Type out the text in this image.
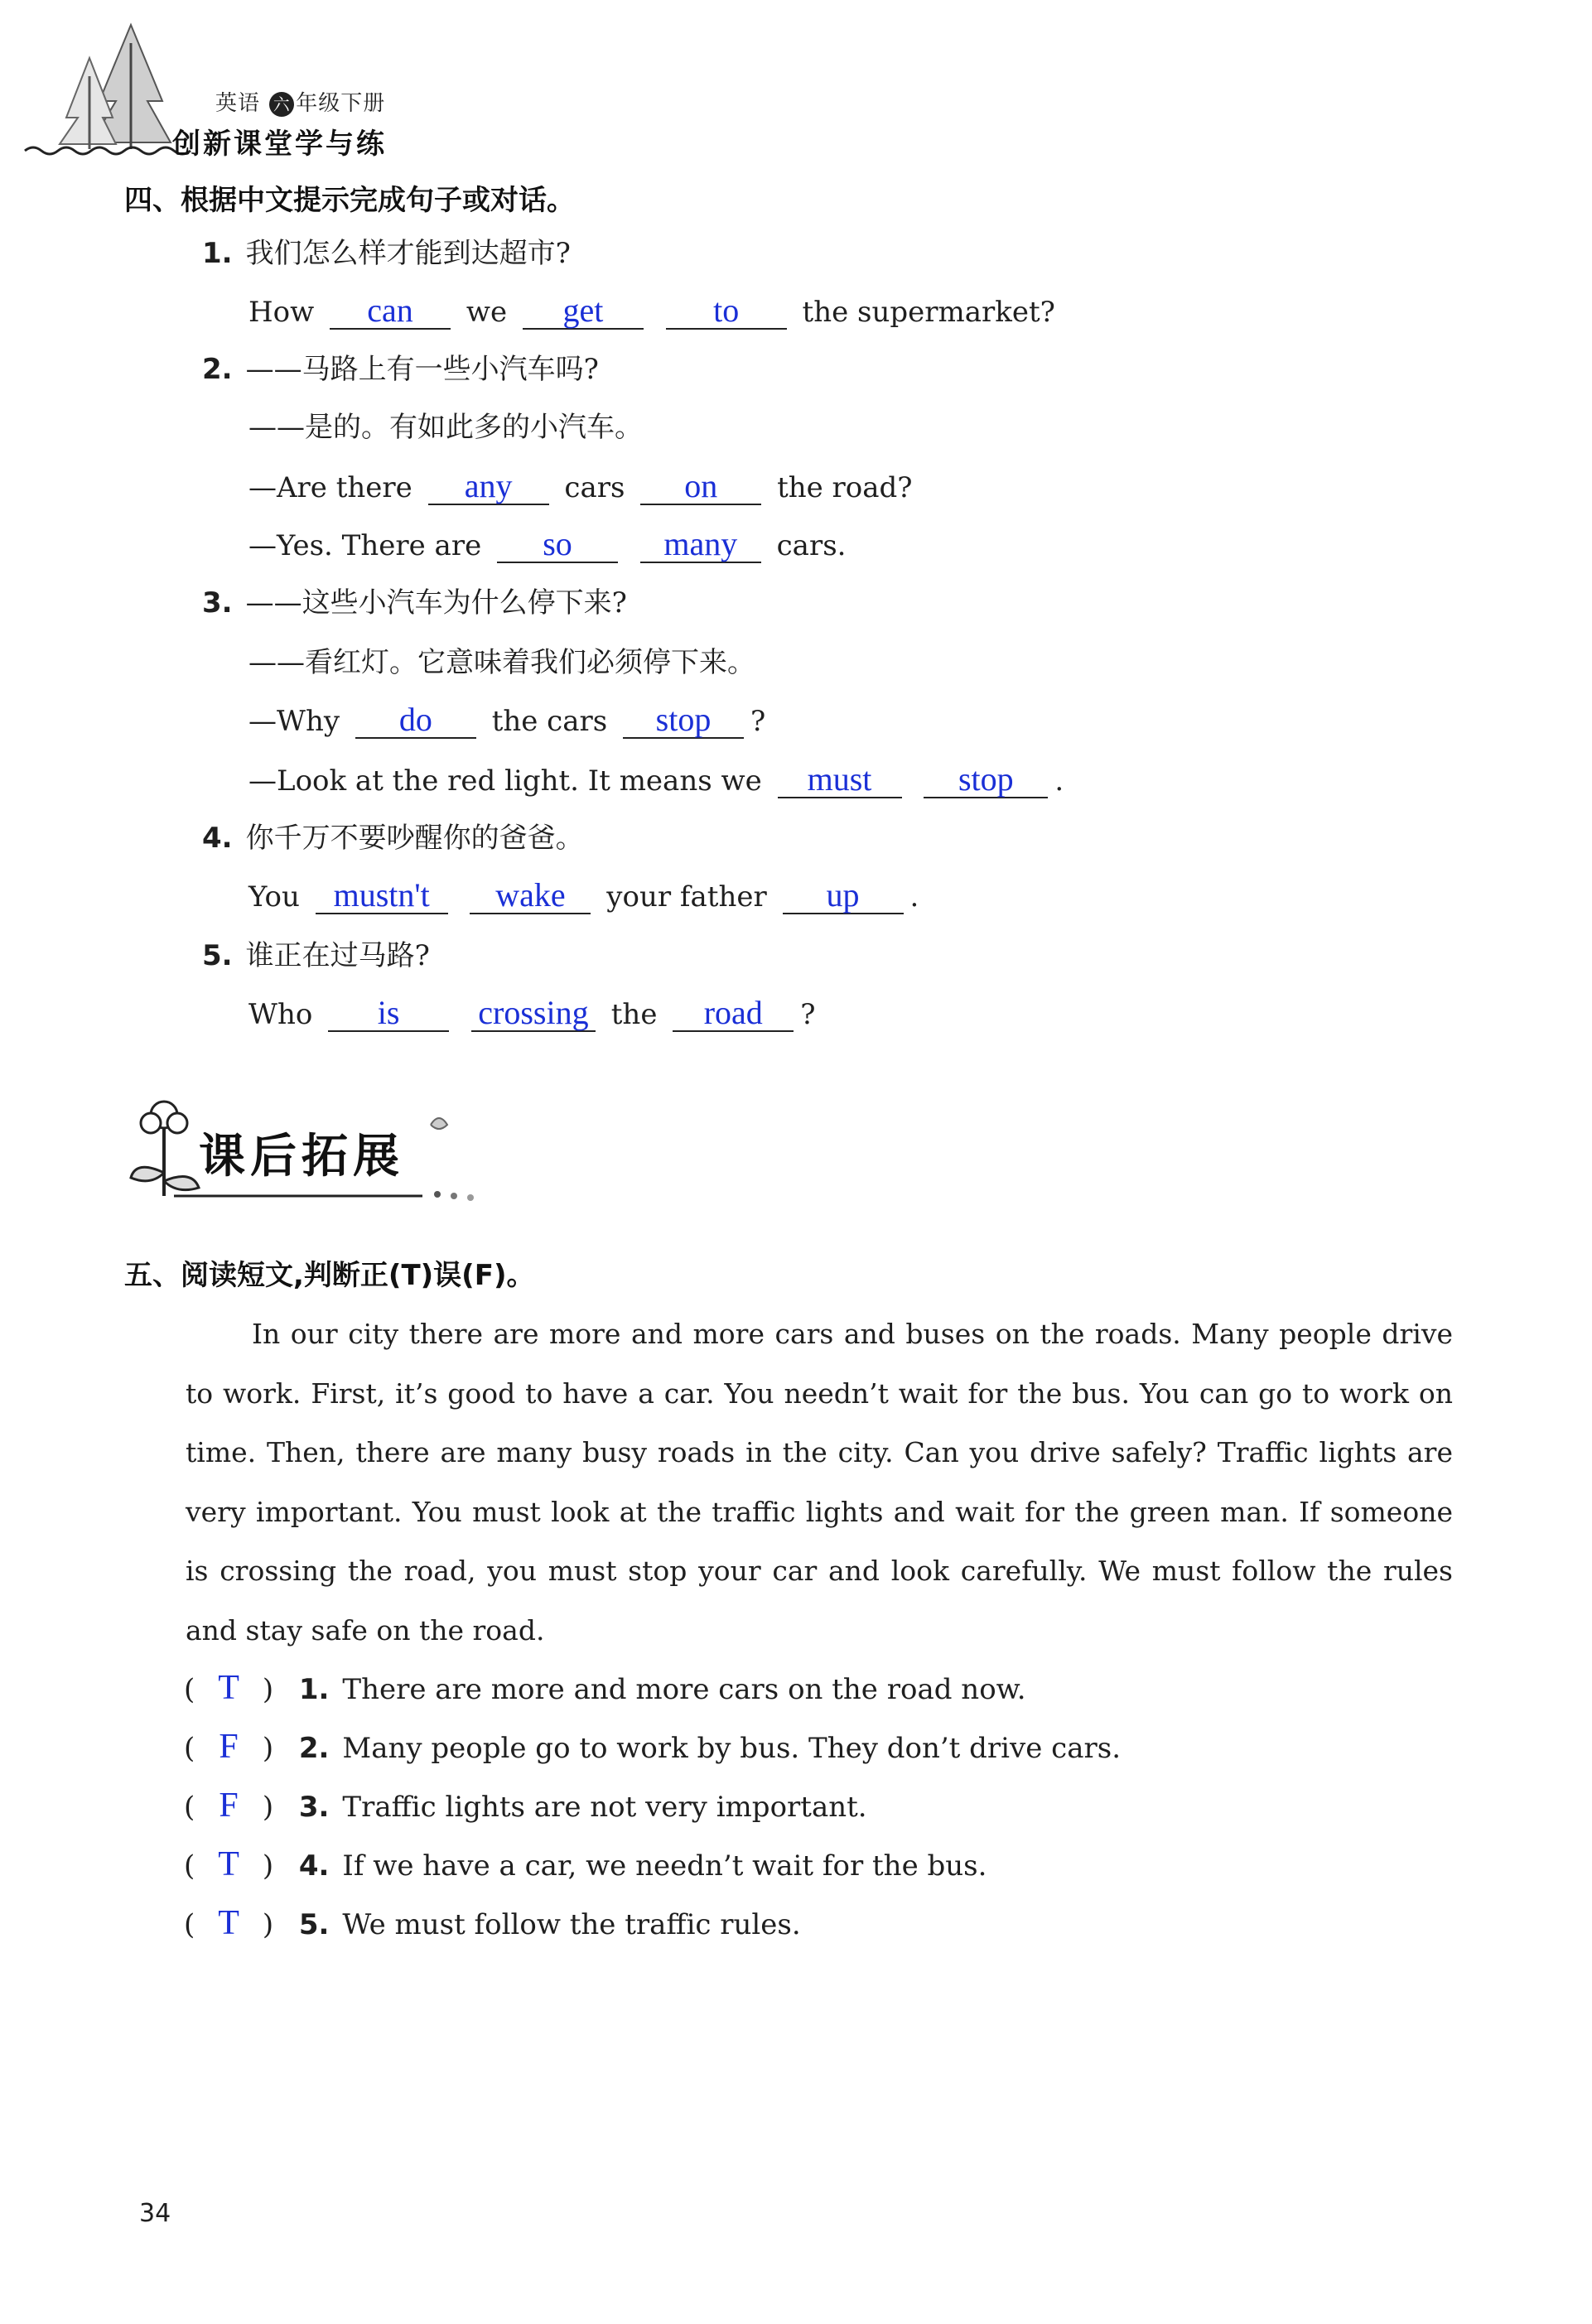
英语 六 年级下册
创新课堂学与练
四、根据中文提示完成句子或对话。
1. 我们怎么样才能到达超市?
How can we get	to the supermarket?
2. ——马路上有一些小汽车吗?
——是的。有如此多的小汽车。
—Are there any cars on the road?
—Yes. There are so	many cars.
3. ——这些小汽车为什么停下来?
——看红灯。它意味着我们必须停下来。
—Why do the cars stop ?
—Look at the red light. It means we must	stop .
4. 你千万不要吵醒你的爸爸。
You mustn't wake your father up .
5. 谁正在过马路?
Who is crossing the road ?
课后拓展
五、阅读短文,判断正(T)误(F)。

In our city there are more and more cars and buses on the roads. Many people drive to work. First, it’s good to have a car. You needn’t wait for the bus. You can go to work on time. Then, there are many busy roads in the city. Can you drive safely? Traffic lights are very important. You must look at the traffic lights and wait for the green man. If someone is crossing the road, you must stop your car and look carefully. We must follow the rules and stay safe on the road.

( T ) 1. There are more and more cars on the road now.
( F ) 2. Many people go to work by bus. They don’t drive cars.
( F ) 3. Traffic lights are not very important.
( T ) 4. If we have a car, we needn’t wait for the bus.
( T ) 5. We must follow the traffic rules.
34
